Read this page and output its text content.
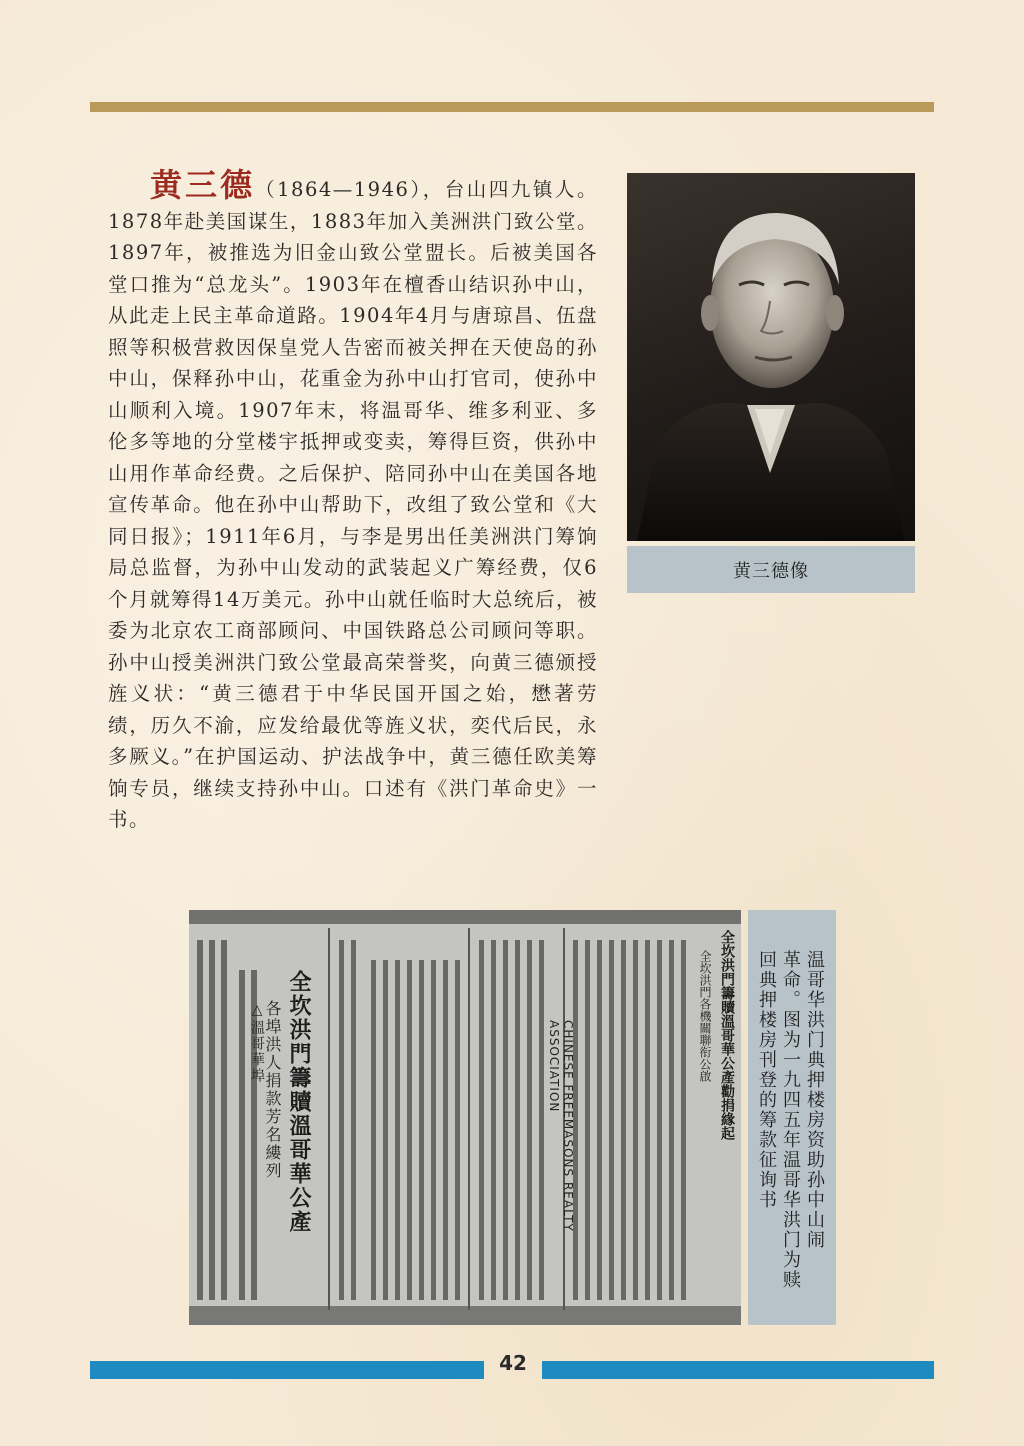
黄三德（1864—1946），台山四九镇人。1878年赴美国谋生，1883年加入美洲洪门致公堂。1897年，被推选为旧金山致公堂盟长。后被美国各堂口推为“总龙头”。1903年在檀香山结识孙中山，从此走上民主革命道路。1904年4月与唐琼昌、伍盘照等积极营救因保皇党人告密而被关押在天使岛的孙中山，保释孙中山，花重金为孙中山打官司，使孙中山顺利入境。1907年末，将温哥华、维多利亚、多伦多等地的分堂楼宇抵押或变卖，筹得巨资，供孙中山用作革命经费。之后保护、陪同孙中山在美国各地宣传革命。他在孙中山帮助下，改组了致公堂和《大同日报》；1911年6月，与李是男出任美洲洪门筹饷局总监督，为孙中山发动的武装起义广筹经费，仅6个月就筹得14万美元。孙中山就任临时大总统后，被委为北京农工商部顾问、中国铁路总公司顾问等职。孙中山授美洲洪门致公堂最高荣誉奖，向黄三德颁授旌义状：“黄三德君于中华民国开国之始，懋著劳绩，历久不渝，应发给最优等旌义状，奕代后民，永多厥义。”在护国运动、护法战争中，黄三德任欧美筹饷专员，继续支持孙中山。口述有《洪门革命史》一书。
黄三德像
全坎洪門籌贖溫哥華公產
各埠洪人捐款芳名縷列
△溫哥華埠	全坎洪門籌贖溫哥華公產勸捐緣起
全坎洪門各機關聯衔公啟
CHINESE FREEMASONS REALTY ASSOCIATION	温哥华洪门典押楼房资助孙中山闹
革命。图为一九四五年温哥华洪门为赎
回典押楼房刊登的筹款征询书
42
